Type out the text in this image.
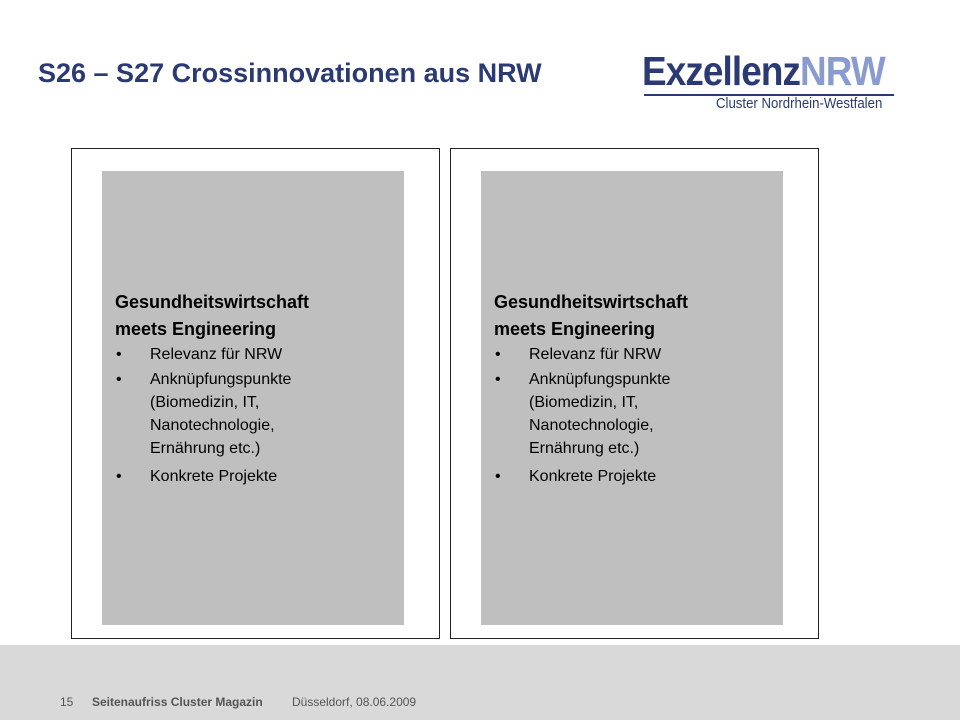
S26 – S27 Crossinnovationen aus NRW ExzellenzNRW
Cluster Nordrhein-Westfalen

Gesundheitswirtschaft
meets Engineering

• Relevanz für NRW
• Anknüpfungspunkte
(Biomedizin, IT,
Nanotechnologie,
Ernährung etc.)
• Konkrete Projekte

Gesundheitswirtschaft
meets Engineering

• Relevanz für NRW
• Anknüpfungspunkte
(Biomedizin, IT,
Nanotechnologie,
Ernährung etc.)
• Konkrete Projekte
15 Seitenaufriss Cluster Magazin Düsseldorf, 08.06.2009
